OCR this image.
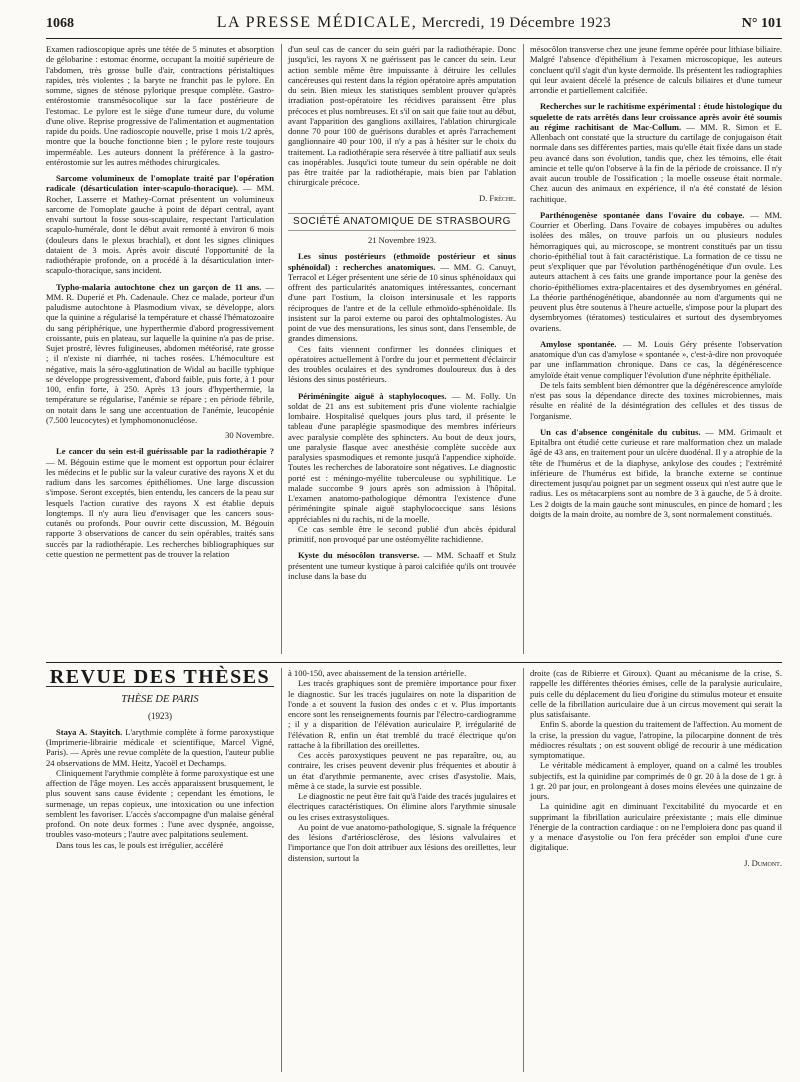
1068	LA PRESSE MÉDICALE, Mercredi, 19 Décembre 1923	N° 101

Examen radioscopique après une tétée de 5 minutes et absorption de gélobarine : estomac énorme, occupant la moitié supérieure de l'abdomen, très grosse bulle d'air, contractions péristaltiques rapides, très violentes ; la baryte ne franchit pas le pylore. En somme, signes de sténose pylorique presque complète. Gastro-entérostomie transmésocolique sur la face postérieure de l'estomac. Le pylore est le siège d'une tumeur dure, du volume d'une olive. Reprise progressive de l'alimentation et augmentation rapide du poids. Une radioscopie nouvelle, prise 1 mois 1/2 après, montre que la bouche fonctionne bien ; le pylore reste toujours imperméable. Les auteurs donnent la préférence à la gastro-entérostomie sur les autres méthodes chirurgicales.

Sarcome volumineux de l'omoplate traité par l'opération radicale (désarticulation inter-scapulo-thoracique). — MM. Rocher, Lasserre et Mathey-Cornat présentent un volumineux sarcome de l'omoplate gauche à point de départ central, ayant envahi surtout la fosse sous-scapulaire, respectant l'articulation scapulo-humérale, dont le début avait remonté à environ 6 mois (douleurs dans le plexus brachial), et dont les signes cliniques dataient de 3 mois. Après avoir discuté l'opportunité de la radiothérapie profonde, on a procédé à la désarticulation inter-scapulo-thoracique, sans incident.

Typho-malaria autochtone chez un garçon de 11 ans. — MM. R. Duperié et Ph. Cadenaule. Chez ce malade, porteur d'un paludisme autochtone à Plasmodium vivax, se développe, alors que la quinine a régularisé la température et chassé l'hématozoaire du sang périphérique, une hyperthermie d'abord progressivement croissante, puis en plateau, sur laquelle la quinine n'a pas de prise. Sujet prostré, lèvres fuligineuses, abdomen météorisé, rate grosse ; il n'existe ni diarrhée, ni taches rosées. L'hémoculture est négative, mais la séro-agglutination de Widal au bacille typhique se développe progressivement, d'abord faible, puis forte, à 1 pour 100, enfin forte, à 250. Après 13 jours d'hyperthermie, la température se régularise, l'anémie se répare ; en période fébrile, on notait dans le sang une accentuation de l'anémie, leucopénie (7.500 leucocytes) et lymphomononucléose.

30 Novembre.

Le cancer du sein est-il guérissable par la radiothérapie ? — M. Bégouin estime que le moment est opportun pour éclairer les médecins et le public sur la valeur curative des rayons X et du radium dans les sarcomes épithéliomes. Une large discussion s'impose. Seront exceptés, bien entendu, les cancers de la peau sur lesquels l'action curative des rayons X est établie depuis longtemps. Il n'y aura lieu d'envisager que les cancers sous-cutanés ou profonds. Pour ouvrir cette discussion, M. Bégouin rapporte 3 observations de cancer du sein opérables, traités sans succès par la radiothérapie. Les recherches bibliographiques sur cette question ne permettent pas de trouver la relation

d'un seul cas de cancer du sein guéri par la radiothérapie. Donc jusqu'ici, les rayons X ne guérissent pas le cancer du sein. Leur action semble même être impuissante à détruire les cellules cancéreuses qui restent dans la région opératoire après amputation du sein. Bien mieux les statistiques semblent prouver qu'après irradiation post-opératoire les récidives paraissent être plus précoces et plus nombreuses. Et s'il on sait que faite tout au début, avant l'apparition des ganglions axillaires, l'ablation chirurgicale donne 70 pour 100 de guérisons durables et après l'arrachement ganglionnaire 40 pour 100, il n'y a pas à hésiter sur le choix du traitement. La radiothérapie sera réservée à titre palliatif aux seuls cas inopérables. Jusqu'ici toute tumeur du sein opérable ne doit pas être traitée par la radiothérapie, mais bien par l'ablation chirurgicale précoce.

D. Frèche.
SOCIÉTÉ ANATOMIQUE DE STRASBOURG
21 Novembre 1923.

Les sinus postérieurs (ethmoïde postérieur et sinus sphénoïdal) : recherches anatomiques. — MM. G. Canuyt, Terracol et Léger présentent une série de 10 sinus sphénoïdaux qui offrent des particularités anatomiques intéressantes, concernant d'une part l'ostium, la cloison intersinusale et les rapports réciproques de l'antre et de la cellule ethmoïdo-sphénoïdale. Ils insistent sur la paroi externe ou paroi des ophtalmologistes. Au point de vue des mensurations, les sinus sont, dans l'ensemble, de grandes dimensions.

Ces faits viennent confirmer les données cliniques et opératoires actuellement à l'ordre du jour et permettent d'éclaircir des troubles oculaires et des syndromes douloureux dus à des lésions des sinus postérieurs.

Périméningite aiguë à staphylocoques. — M. Folly. Un soldat de 21 ans est subitement pris d'une violente rachialgie lombaire. Hospitalisé quelques jours plus tard, il présente le tableau d'une paraplégie spasmodique des membres inférieurs avec paralysie complète des sphincters. Au bout de deux jours, une paralysie flasque avec anesthésie complète succède aux paralysies spasmodiques et remonte jusqu'à l'appendice xiphoïde. Toutes les recherches de laboratoire sont négatives. Le diagnostic porté est : méningo-myélite tuberculeuse ou syphilitique. Le malade succombe 9 jours après son admission à l'hôpital. L'examen anatomo-pathologique démontra l'existence d'une périméningite spinale aiguë staphylococcique sans lésions appréciables ni du rachis, ni de la moelle.

Ce cas semble être le second publié d'un abcès épidural primitif, non provoqué par une ostéomyélite rachidienne.

Kyste du mésocôlon transverse. — MM. Schaaff et Stulz présentent une tumeur kystique à paroi calcifiée qu'ils ont trouvée incluse dans la base du

mésocôlon transverse chez une jeune femme opérée pour lithiase biliaire. Malgré l'absence d'épithélium à l'examen microscopique, les auteurs concluent qu'il s'agit d'un kyste dermoïde. Ils présentent les radiographies qui leur avaient décelé la présence de calculs biliaires et d'une tumeur arrondie et partiellement calcifiée.

Recherches sur le rachitisme expérimental : étude histologique du squelette de rats arrêtés dans leur croissance après avoir été soumis au régime rachitisant de Mac-Collum. — MM. R. Simon et E. Allenbach ont constaté que la structure du cartilage de conjugaison était normale dans ses différentes parties, mais qu'elle était fixée dans un stade peu avancé dans son évolution, tandis que, chez les témoins, elle était amincie et telle qu'on l'observe à la fin de la période de croissance. Il n'y avait aucun trouble de l'ossification ; la moelle osseuse était normale. Chez aucun des animaux en expérience, il n'a été constaté de lésion rachitique.

Parthénogenèse spontanée dans l'ovaire du cobaye. — MM. Courrier et Oberling. Dans l'ovaire de cobayes impubères ou adultes isolées des mâles, on trouve parfois un ou plusieurs nodules hémorragiques qui, au microscope, se montrent constitués par un tissu chorio-épithélial tout à fait caractéristique. La formation de ce tissu ne peut s'expliquer que par l'évolution parthénogénétique d'un ovule. Les auteurs attachent à ces faits une grande importance pour la genèse des chorio-épithéliomes extra-placentaires et des dysembryomes en général. La théorie parthénogénétique, abandonnée au nom d'arguments qui ne peuvent plus être soutenus à l'heure actuelle, s'impose pour la plupart des dysembryomes (tératomes) testiculaires et surtout des dysembryomes ovariens.

Amylose spontanée. — M. Louis Géry présente l'observation anatomique d'un cas d'amylose « spontanée », c'est-à-dire non provoquée par une inflammation chronique. Dans ce cas, la dégénérescence amyloïde était venue compliquer l'évolution d'une néphrite épithéliale.

De tels faits semblent bien démontrer que la dégénérescence amyloïde n'est pas sous la dépendance directe des toxines microbiennes, mais résulte en réalité de la désintégration des cellules et des tissus de l'organisme.

Un cas d'absence congénitale du cubitus. — MM. Grimault et Epitalbra ont étudié cette curieuse et rare malformation chez un malade âgé de 43 ans, en traitement pour un ulcère duodénal. Il y a atrophie de la tête de l'humérus et de la diaphyse, ankylose des coudes ; l'extrémité inférieure de l'humérus est bifide, la branche externe se continue directement jusqu'au poignet par un segment osseux qui n'est autre que le radius. Les os métacarpiens sont au nombre de 3 à gauche, de 5 à droite. Les 2 doigts de la main gauche sont minuscules, en pince de homard ; les doigts de la main droite, au nombre de 3, sont normalement constitués.

REVUE DES THÈSES
THÈSE DE PARIS
(1923)

Staya A. Stayitch. L'arythmie complète à forme paroxystique (Imprimerie-librairie médicale et scientifique, Marcel Vigné, Paris). — Après une revue complète de la question, l'auteur publie 24 observations de MM. Heitz, Yacoël et Dechamps.

Cliniquement l'arythmie complète à forme paroxystique est une affection de l'âge moyen. Les accès apparaissent brusquement, le plus souvent sans cause évidente ; cependant les émotions, le surmenage, un repas copieux, une intoxication ou une infection semblent les favoriser. L'accès s'accompagne d'un malaise général profond. On note deux formes : l'une avec dyspnée, angoisse, troubles vaso-moteurs ; l'autre avec palpitations seulement.

Dans tous les cas, le pouls est irrégulier, accéléré

à 100-150, avec abaissement de la tension artérielle.

Les tracés graphiques sont de première importance pour fixer le diagnostic. Sur les tracés jugulaires on note la disparition de l'onde a et souvent la fusion des ondes c et v. Plus importants encore sont les renseignements fournis par l'électro-cardiogramme ; il y a disparition de l'élévation auriculaire P, irrégularité de l'élévation R, enfin un état tremblé du tracé électrique qu'on rattache à la fibrillation des oreillettes.

Ces accès paroxystiques peuvent ne pas reparaître, ou, au contraire, les crises peuvent devenir plus fréquentes et aboutir à un état d'arythmie permanente, avec crises d'asystolie. Mais, même à ce stade, la survie est possible.

Le diagnostic ne peut être fait qu'à l'aide des tracés jugulaires et électriques caractéristiques. On élimine alors l'arythmie sinusale ou les crises extrasystoliques.

Au point de vue anatomo-pathologique, S. signale la fréquence des lésions d'artériosclérose, des lésions valvulaires et l'importance que l'on doit attribuer aux lésions des oreillettes, leur distension, surtout la

droite (cas de Ribierre et Giroux). Quant au mécanisme de la crise, S. rappelle les différentes théories émises, celle de la paralysie auriculaire, puis celle du déplacement du lieu d'origine du stimulus moteur et ensuite celle de la fibrillation auriculaire due à un circus movement qui serait la plus satisfaisante.

Enfin S. aborde la question du traitement de l'affection. Au moment de la crise, la pression du vague, l'atropine, la pilocarpine donnent de très médiocres résultats ; on est souvent obligé de recourir à une médication symptomatique.

Le véritable médicament à employer, quand on a calmé les troubles subjectifs, est la quinidine par comprimés de 0 gr. 20 à la dose de 1 gr. à 1 gr. 20 par jour, en prolongeant à doses moins élevées une quinzaine de jours.

La quinidine agit en diminuant l'excitabilité du myocarde et en supprimant la fibrillation auriculaire préexistante ; mais elle diminue l'énergie de la contraction cardiaque : on ne l'emploiera donc pas quand il y a menace d'asystolie ou l'on fera précéder son emploi d'une cure digitalique.

J. Dumont.
